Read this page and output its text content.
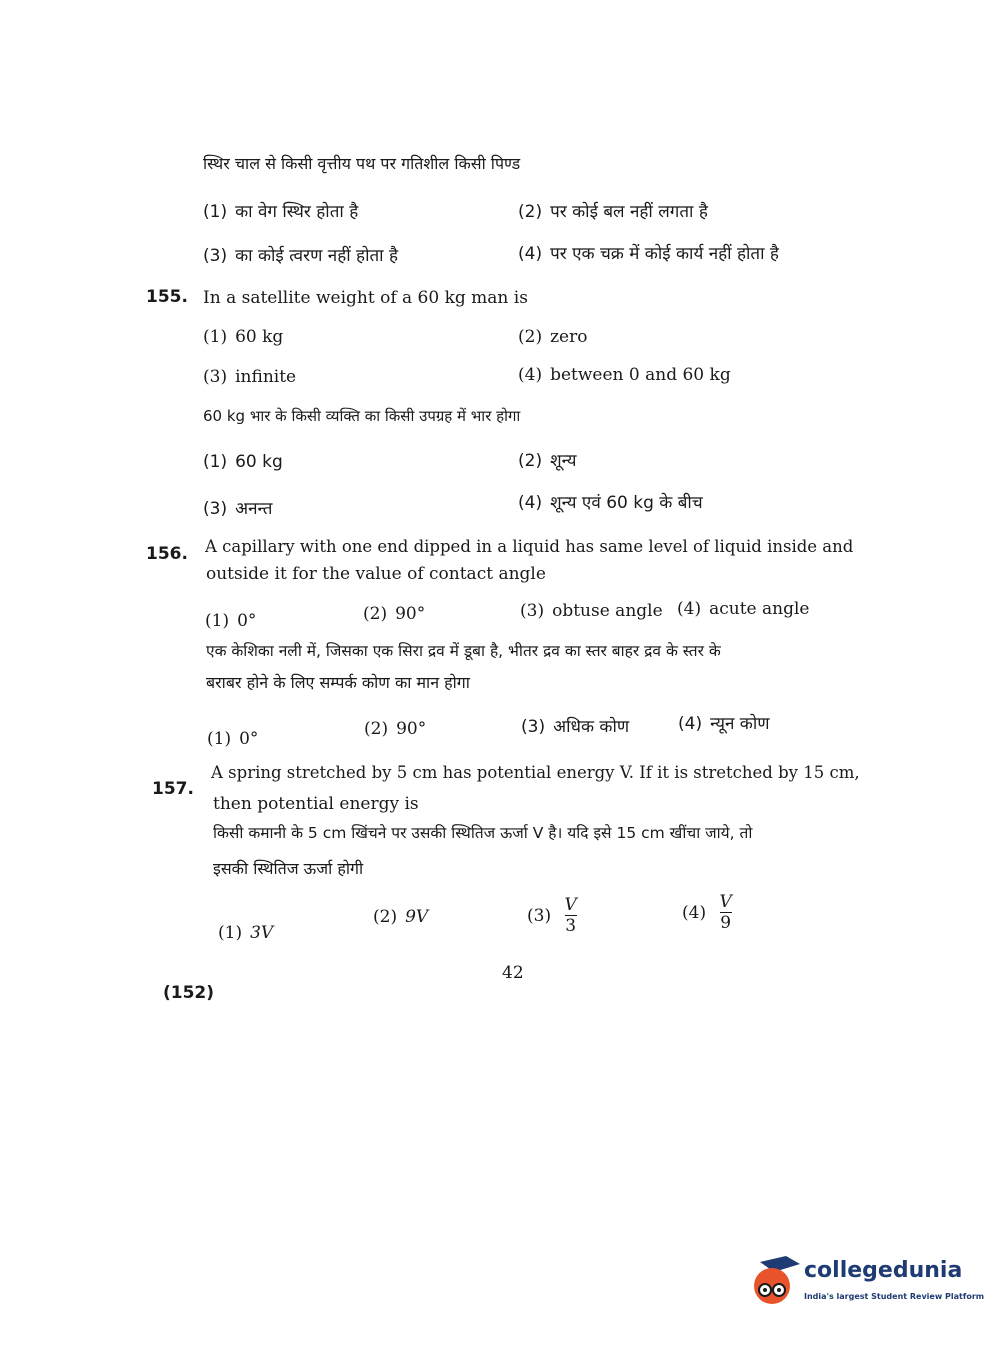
स्थिर चाल से किसी वृत्तीय पथ पर गतिशील किसी पिण्ड
(1) का वेग स्थिर होता है	(2) पर कोई बल नहीं लगता है
(3) का कोई त्वरण नहीं होता है	(4) पर एक चक्र में कोई कार्य नहीं होता है
155. In a satellite weight of a 60 kg man is
(1) 60 kg	(2) zero
(3) infinite	(4) between 0 and 60 kg
60 kg भार के किसी व्यक्ति का किसी उपग्रह में भार होगा
(1) 60 kg	(2) शून्य
(3) अनन्त	(4) शून्य एवं 60 kg के बीच
156. A capillary with one end dipped in a liquid has same level of liquid inside and
outside it for the value of contact angle
(1) 0°	(2) 90°	(3) obtuse angle (4) acute angle
एक केशिका नली में, जिसका एक सिरा द्रव में डूबा है, भीतर द्रव का स्तर बाहर द्रव के स्तर के
बराबर होने के लिए सम्पर्क कोण का मान होगा
(1) 0°	(2) 90°	(3) अधिक कोण	(4) न्यून कोण
157.
A spring stretched by 5 cm has potential energy V. If it is stretched by 15 cm,
then potential energy is
किसी कमानी के 5 cm खिंचने पर उसकी स्थितिज ऊर्जा V है। यदि इसे 15 cm खींचा जाये, तो
इसकी स्थितिज ऊर्जा होगी
(1) 3V
(2) 9V	$(3) \frac{V}{3}$	$(4) \frac{V}{9}$
42
(152)
collegedunia
India's largest Student Review Platform
